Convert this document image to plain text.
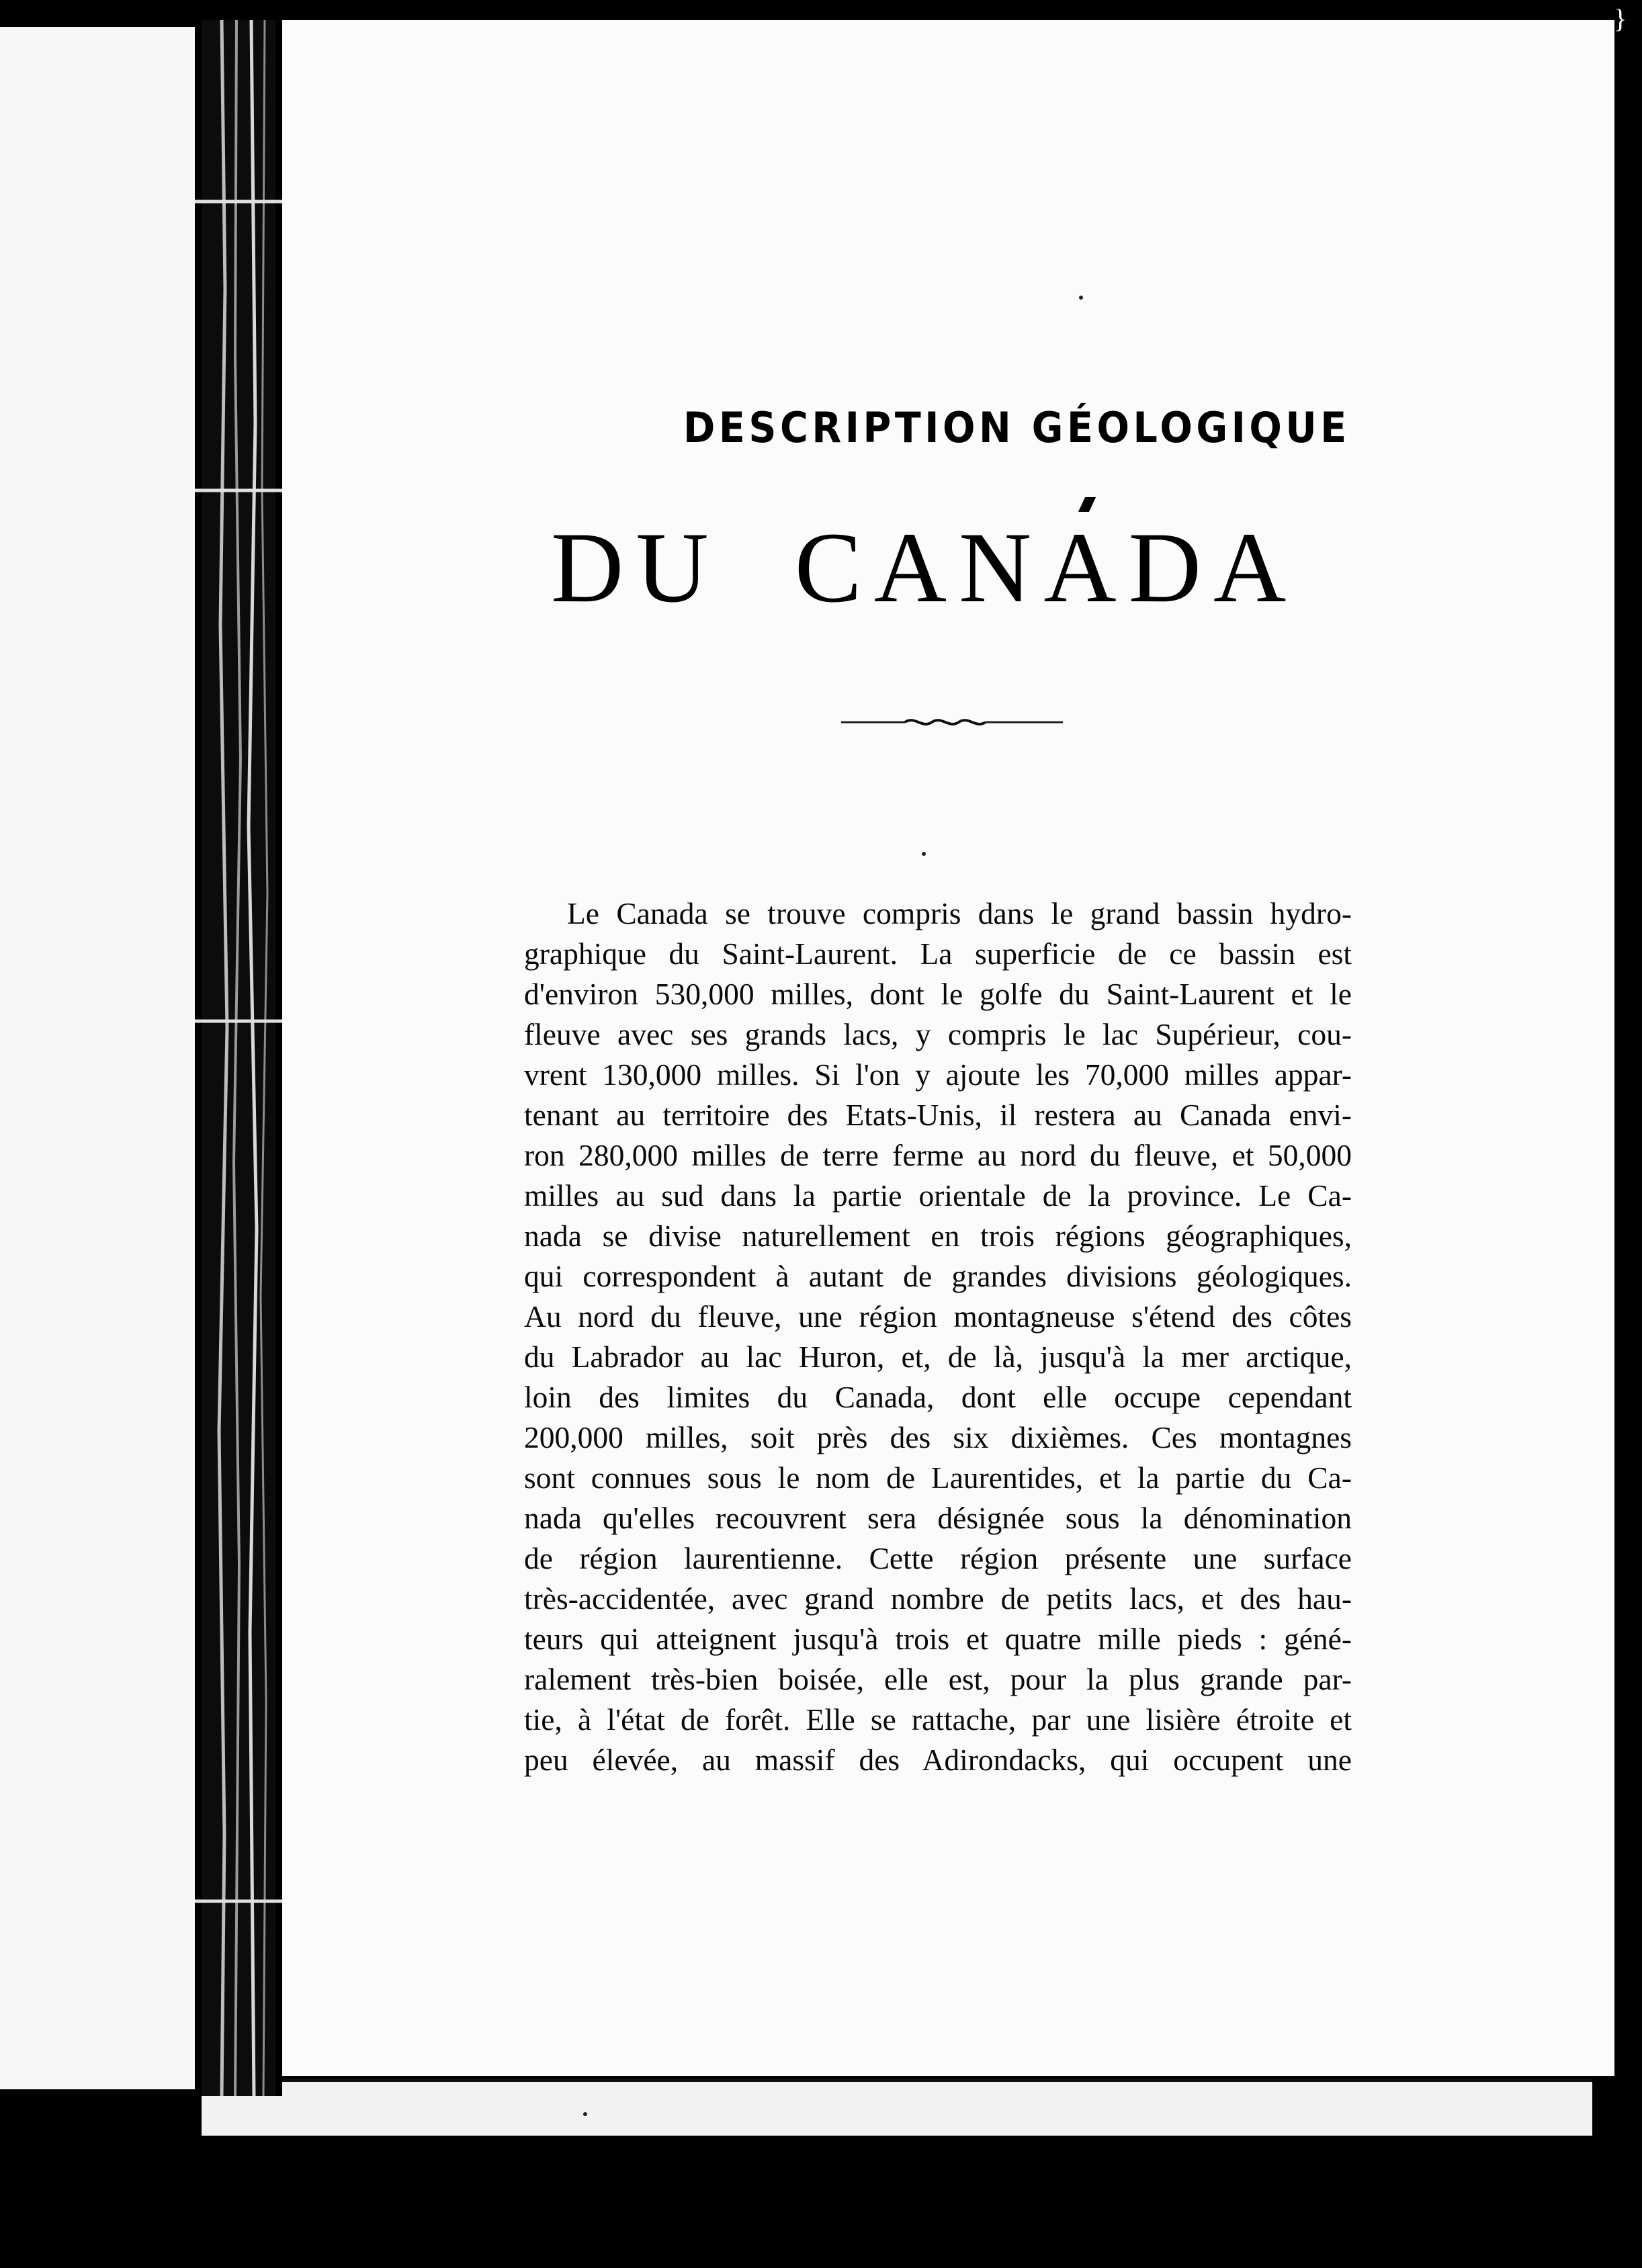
}
DESCRIPTION GÉOLOGIQUE
DU CANADA
Le Canada se trouve compris dans le grand bassin hydro-
graphique du Saint-Laurent. La superficie de ce bassin est
d'environ 530,000 milles, dont le golfe du Saint-Laurent et le
fleuve avec ses grands lacs, y compris le lac Supérieur, cou-
vrent 130,000 milles. Si l'on y ajoute les 70,000 milles appar-
tenant au territoire des Etats-Unis, il restera au Canada envi-
ron 280,000 milles de terre ferme au nord du fleuve, et 50,000
milles au sud dans la partie orientale de la province. Le Ca-
nada se divise naturellement en trois régions géographiques,
qui correspondent à autant de grandes divisions géologiques.
Au nord du fleuve, une région montagneuse s'étend des côtes
du Labrador au lac Huron, et, de là, jusqu'à la mer arctique,
loin des limites du Canada, dont elle occupe cependant
200,000 milles, soit près des six dixièmes. Ces montagnes
sont connues sous le nom de Laurentides, et la partie du Ca-
nada qu'elles recouvrent sera désignée sous la dénomination
de région laurentienne. Cette région présente une surface
très-accidentée, avec grand nombre de petits lacs, et des hau-
teurs qui atteignent jusqu'à trois et quatre mille pieds : géné-
ralement très-bien boisée, elle est, pour la plus grande par-
tie, à l'état de forêt. Elle se rattache, par une lisière étroite et
peu élevée, au massif des Adirondacks, qui occupent une
